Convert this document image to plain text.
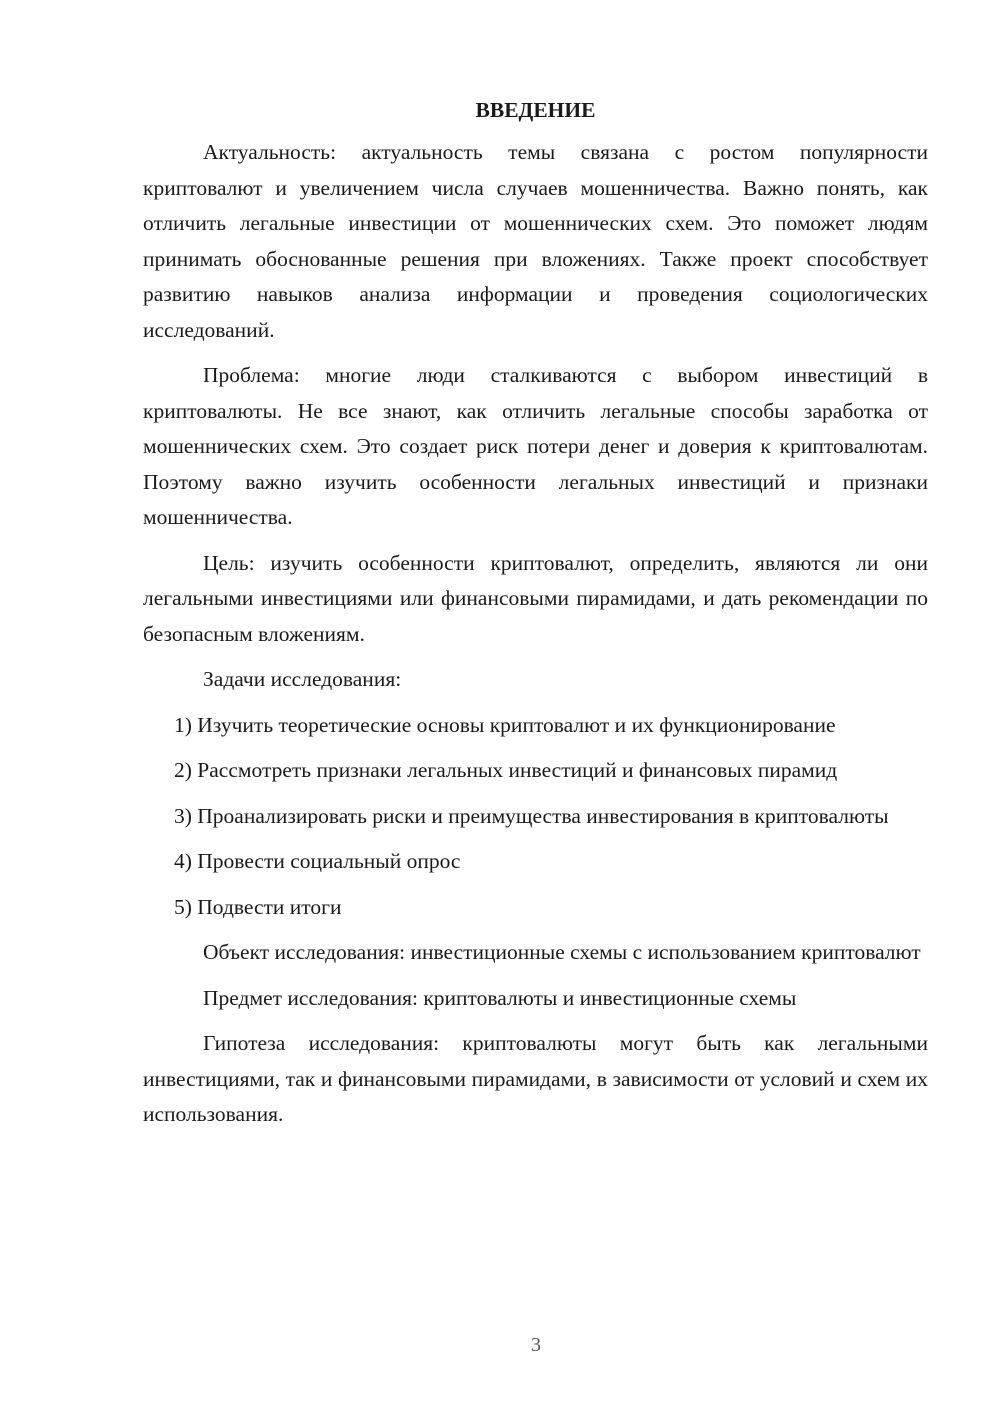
ВВЕДЕНИЕ

Актуальность: актуальность темы связана с ростом популярности криптовалют и увеличением числа случаев мошенничества. Важно понять, как отличить легальные инвестиции от мошеннических схем. Это поможет людям принимать обоснованные решения при вложениях. Также проект способствует развитию навыков анализа информации и проведения социологических исследований.

Проблема: многие люди сталкиваются с выбором инвестиций в криптовалюты. Не все знают, как отличить легальные способы заработка от мошеннических схем. Это создает риск потери денег и доверия к криптовалютам. Поэтому важно изучить особенности легальных инвестиций и признаки мошенничества.

Цель: изучить особенности криптовалют, определить, являются ли они легальными инвестициями или финансовыми пирамидами, и дать рекомендации по безопасным вложениям.

Задачи исследования:

1) Изучить теоретические основы криптовалют и их функционирование

2) Рассмотреть признаки легальных инвестиций и финансовых пирамид

3) Проанализировать риски и преимущества инвестирования в криптовалюты

4) Провести социальный опрос

5) Подвести итоги

Объект исследования: инвестиционные схемы с использованием криптовалют

Предмет исследования: криптовалюты и инвестиционные схемы

Гипотеза исследования: криптовалюты могут быть как легальными инвестициями, так и финансовыми пирамидами, в зависимости от условий и схем их использования.

3
